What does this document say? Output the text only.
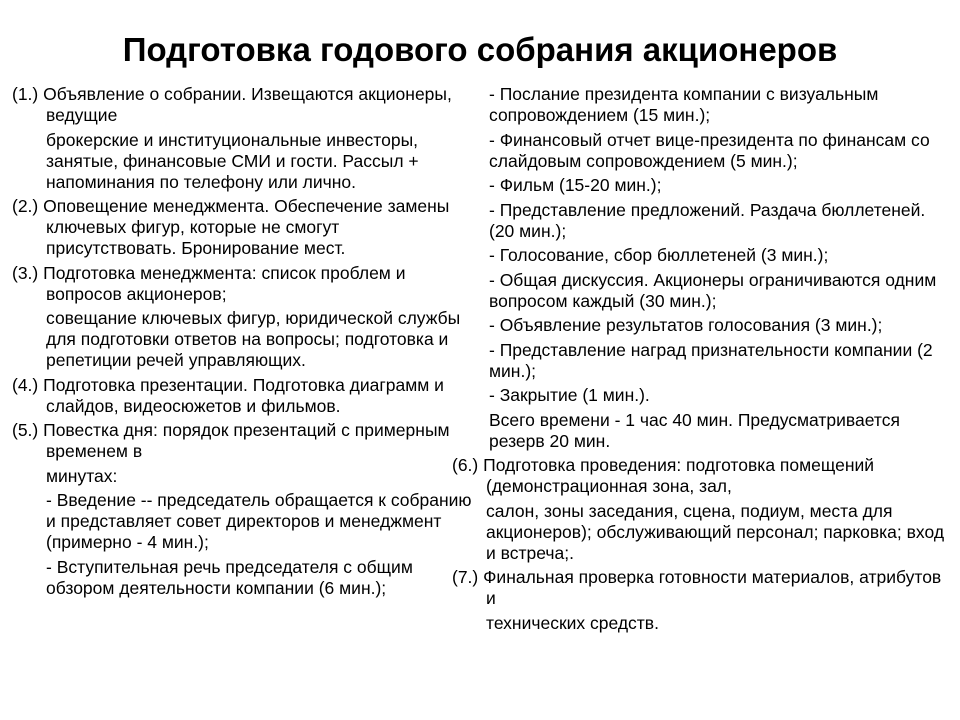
Подготовка годового собрания акционеров

(1.) Объявление о собрании. Извещаются акционеры, ведущие

брокерские и институциональные инвесторы, занятые, финансовые СМИ и гости. Рассыл + напоминания по телефону или лично.

(2.) Оповещение менеджмента. Обеспечение замены ключевых фигур, которые не смогут присутствовать. Бронирование мест.

(3.) Подготовка менеджмента: список проблем и вопросов акционеров;

совещание ключевых фигур, юридической службы для подготовки ответов на вопросы; подготовка и репетиции речей управляющих.

(4.) Подготовка презентации. Подготовка диаграмм и слайдов, видеосюжетов и фильмов.

(5.) Повестка дня: порядок презентаций с примерным временем в

минутах:

- Введение -- председатель обращается к собранию и представляет совет директоров и менеджмент (примерно - 4 мин.);

- Вступительная речь председателя с общим обзором деятельности компании (6 мин.);

- Послание президента компании с визуальным сопровождением (15 мин.);

- Финансовый отчет вице-президента по финансам со слайдовым сопровождением (5 мин.);

- Фильм (15-20 мин.);

- Представление предложений. Раздача бюллетеней. (20 мин.);

- Голосование, сбор бюллетеней (3 мин.);

- Общая дискуссия. Акционеры ограничиваются одним вопросом каждый (30 мин.);

- Объявление результатов голосования (3 мин.);

- Представление наград признательности компании (2 мин.);

- Закрытие (1 мин.).

Всего времени - 1 час 40 мин. Предусматривается резерв 20 мин.

(6.) Подготовка проведения: подготовка помещений (демонстрационная зона, зал,

салон, зоны заседания, сцена, подиум, места для акционеров); обслуживающий персонал; парковка; вход и встреча;.

(7.) Финальная проверка готовности материалов, атрибутов и

технических средств.
